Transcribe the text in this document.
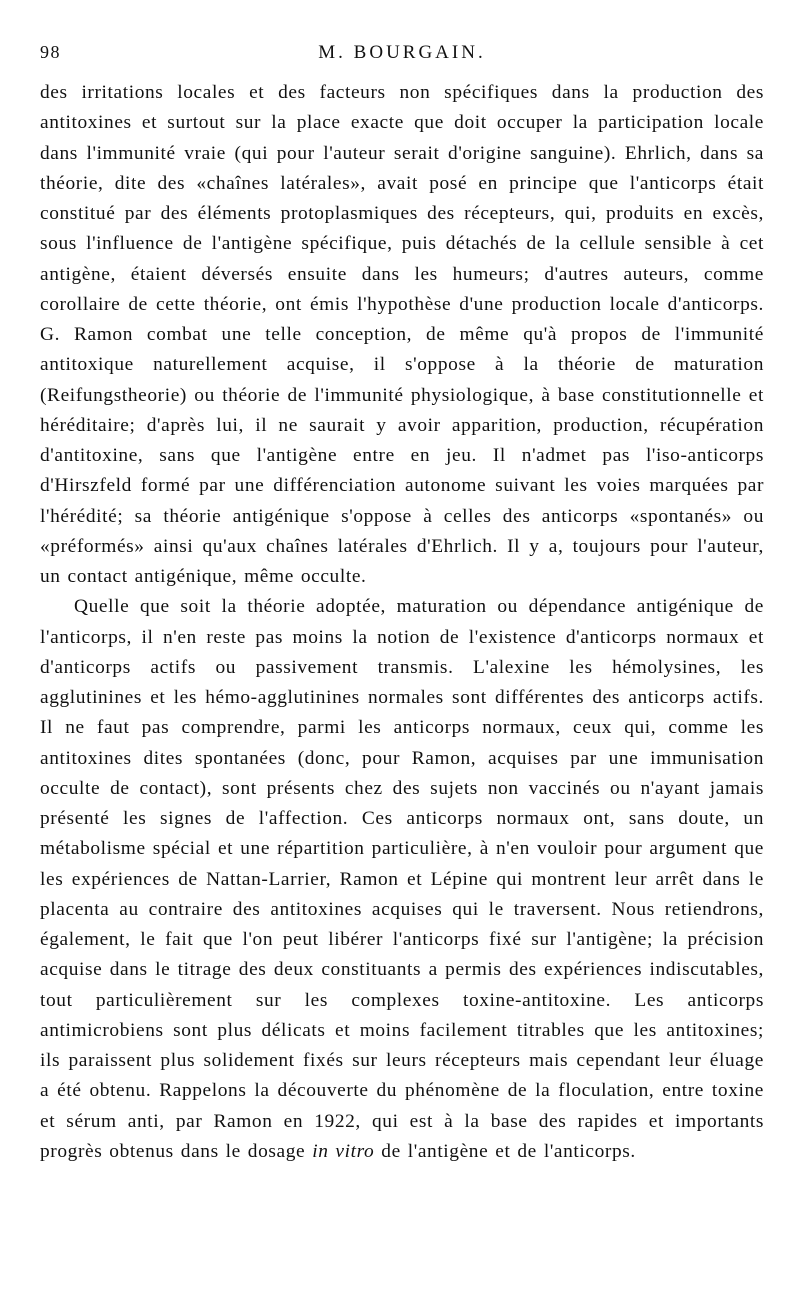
98	M. BOURGAIN.

des irritations locales et des facteurs non spécifiques dans la production des antitoxines et surtout sur la place exacte que doit occuper la participation locale dans l'immunité vraie (qui pour l'auteur serait d'origine sanguine). Ehrlich, dans sa théorie, dite des «chaînes latérales», avait posé en principe que l'anticorps était constitué par des éléments protoplasmiques des récepteurs, qui, produits en excès, sous l'influence de l'antigène spécifique, puis détachés de la cellule sensible à cet antigène, étaient déversés ensuite dans les humeurs; d'autres auteurs, comme corollaire de cette théorie, ont émis l'hypothèse d'une production locale d'anticorps. G. Ramon combat une telle conception, de même qu'à propos de l'immunité antitoxique naturellement acquise, il s'oppose à la théorie de maturation (Reifungstheorie) ou théorie de l'immunité physiologique, à base constitutionnelle et héréditaire; d'après lui, il ne saurait y avoir apparition, production, récupération d'antitoxine, sans que l'antigène entre en jeu. Il n'admet pas l'iso-anticorps d'Hirszfeld formé par une différenciation autonome suivant les voies marquées par l'hérédité; sa théorie antigénique s'oppose à celles des anticorps «spontanés» ou «préformés» ainsi qu'aux chaînes latérales d'Ehrlich. Il y a, toujours pour l'auteur, un contact antigénique, même occulte.

Quelle que soit la théorie adoptée, maturation ou dépendance antigénique de l'anticorps, il n'en reste pas moins la notion de l'existence d'anticorps normaux et d'anticorps actifs ou passivement transmis. L'alexine les hémolysines, les agglutinines et les hémo-agglutinines normales sont différentes des anticorps actifs. Il ne faut pas comprendre, parmi les anticorps normaux, ceux qui, comme les antitoxines dites spontanées (donc, pour Ramon, acquises par une immunisation occulte de contact), sont présents chez des sujets non vaccinés ou n'ayant jamais présenté les signes de l'affection. Ces anticorps normaux ont, sans doute, un métabolisme spécial et une répartition particulière, à n'en vouloir pour argument que les expériences de Nattan-Larrier, Ramon et Lépine qui montrent leur arrêt dans le placenta au contraire des antitoxines acquises qui le traversent. Nous retiendrons, également, le fait que l'on peut libérer l'anticorps fixé sur l'antigène; la précision acquise dans le titrage des deux constituants a permis des expériences indiscutables, tout particulièrement sur les complexes toxine-antitoxine. Les anticorps antimicrobiens sont plus délicats et moins facilement titrables que les antitoxines; ils paraissent plus solidement fixés sur leurs récepteurs mais cependant leur éluage a été obtenu. Rappelons la découverte du phénomène de la floculation, entre toxine et sérum anti, par Ramon en 1922, qui est à la base des rapides et importants progrès obtenus dans le dosage in vitro de l'antigène et de l'anticorps.
